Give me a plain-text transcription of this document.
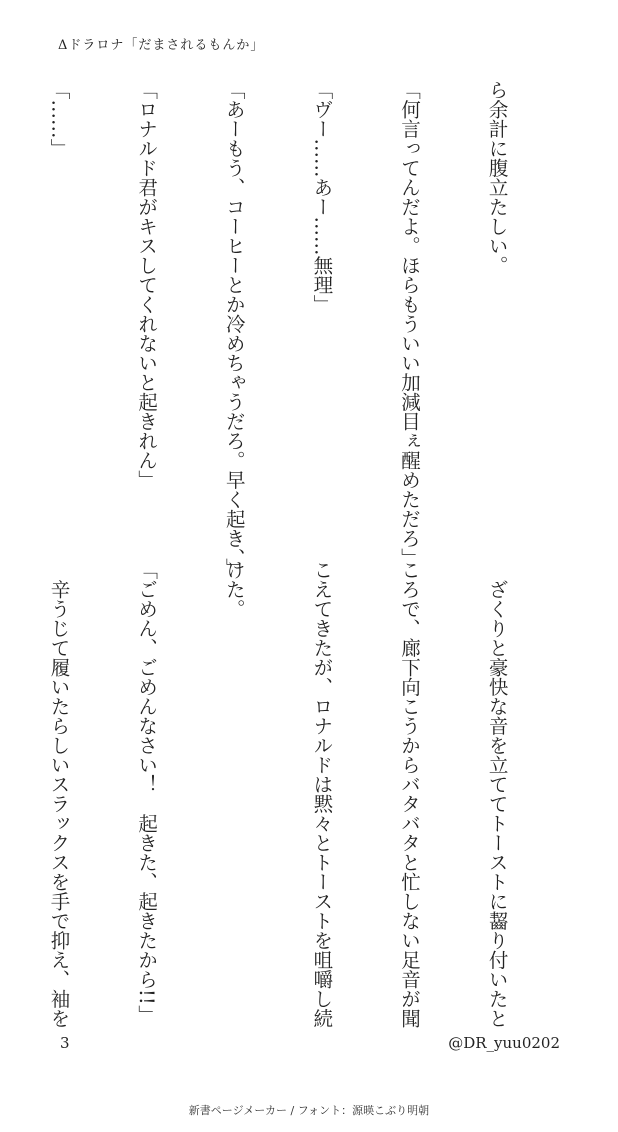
Δドラロナ「だまされるもんか」

ら余計に腹立たしい。

「何言ってんだよ。ほらもういい加減目ぇ醒めただろ」

「ヴー……あー……無理」

「あーもう、コーヒーとか冷めちゃうだろ。早く起き、」

「ロナルド君がキスしてくれないと起きれん」

「……」

　ざくりと豪快な音を立ててトーストに齧り付いたと

ころで、廊下向こうからバタバタと忙しない足音が聞

こえてきたが、ロナルドは黙々とトーストを咀嚼し続

けた。

「ごめん、ごめんなさい！　起きた、起きたから!!」

　辛うじて履いたらしいスラックスを手で抑え、袖を

3	@DR_yuu0202
新書ページメーカー / フォント：源暎こぶり明朝
